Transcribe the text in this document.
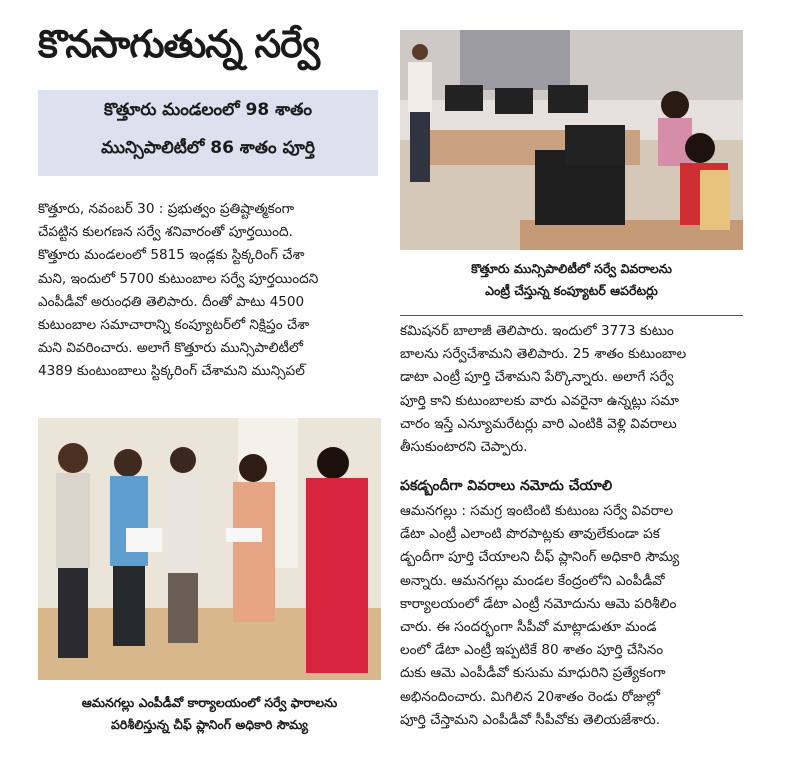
కొనసాగుతున్న సర్వే
కొత్తూరు మండలంలో 98 శాతం
మున్సిపాలిటీలో 86 శాతం పూర్తి
కొత్తూరు, నవంబర్ 30 : ప్రభుత్వం ప్రతిష్టాత్మకంగా
చేపట్టిన కులగణన సర్వే శనివారంతో పూర్తయింది.
కొత్తూరు మండలంలో 5815 ఇండ్లకు స్టిక్కరింగ్ చేశా
మని, ఇందులో 5700 కుటుంబాల సర్వే పూర్తయిందని
ఎంపీడీవో అరుంధతి తెలిపారు. దీంతో పాటు 4500
కుటుంబాల సమాచారాన్ని కంప్యూటర్‌లో నిక్షిప్తం చేశా
మని వివరించారు. అలాగే కొత్తూరు మున్సిపాలిటీలో
4389 కుంటుంబాలు స్టిక్కరింగ్ చేశామని మున్సిపల్
కొత్తూరు మున్సిపాలిటీలో సర్వే వివరాలను
ఎంట్రీ చేస్తున్న కంప్యూటర్ ఆపరేటర్లు
కమిషనర్ బాలాజీ తెలిపారు. ఇందులో 3773 కుటుం
బాలను సర్వేచేశామని తెలిపారు. 25 శాతం కుటుంబాల
డాటా ఎంట్రీ పూర్తి చేశామని పేర్కొన్నారు. అలాగే సర్వే
పూర్తి కాని కుటుంబాలకు వారు ఎవరైనా ఉన్నట్లు సమా
చారం ఇస్తే ఎన్యూమరేటర్లు వారి ఎంటికి వెళ్లి వివరాలు
తీసుకుంటారని చెప్పారు.
పకడ్బందీగా వివరాలు నమోదు చేయాలి
ఆమనగల్లు : సమగ్ర ఇంటింటి కుటుంబ సర్వే వివరాల
డేటా ఎంట్రీ ఎలాంటి పొరపాట్లకు తావులేకుండా పక
డ్బందీగా పూర్తి చేయాలని చీఫ్ ప్లానింగ్ అధికారి సౌమ్య
అన్నారు. ఆమనగల్లు మండల కేంద్రంలోని ఎంపీడీవో
కార్యాలయంలో డేటా ఎంట్రీ నమోదును ఆమె పరిశీలిం
చారు. ఈ సందర్భంగా సీపీవో మాట్లాడుతూ మండ
లంలో డేటా ఎంట్రీ ఇప్పటికే 80 శాతం పూర్తి చేసినం
దుకు ఆమె ఎంపీడీవో కుసుమ మాధురిని ప్రత్యేకంగా
అభినందించారు. మిగిలిన 20శాతం రెండు రోజుల్లో
పూర్తి చేస్తామని ఎంపీడీవో సీపీవోకు తెలియజేశారు.
ఆమనగల్లు ఎంపీడీవో కార్యాలయంలో సర్వే ఫారాలను
పరిశీలిస్తున్న చీఫ్ ప్లానింగ్ అధికారి సౌమ్య
